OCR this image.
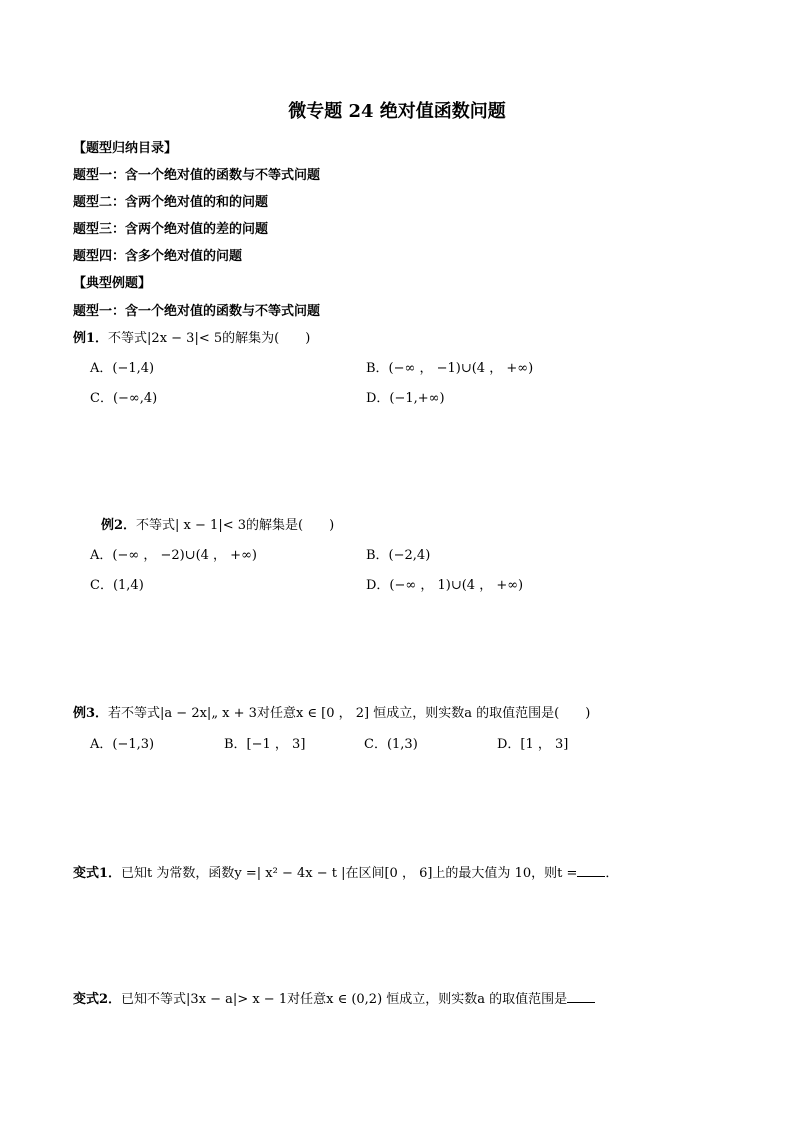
微专题 24 绝对值函数问题
【题型归纳目录】
题型一：含一个绝对值的函数与不等式问题
题型二：含两个绝对值的和的问题
题型三：含两个绝对值的差的问题
题型四：含多个绝对值的问题
【典型例题】
题型一：含一个绝对值的函数与不等式问题
例1．不等式|2x − 3|< 5的解集为(　　)
A．(−1,4)	B．(−∞ ， −1)∪(4 ， +∞)
C．(−∞,4)	D．(−1,+∞)
例2．不等式| x − 1|< 3的解集是(　　)
A．(−∞ ， −2)∪(4 ， +∞)	B．(−2,4)
C．(1,4)	D．(−∞ ， 1)∪(4 ， +∞)
例3．若不等式|a − 2x|„ x + 3对任意x ∈ [0 ， 2] 恒成立，则实数a 的取值范围是(　　)
A．(−1,3)	B．[−1 ， 3]	C．(1,3)	D．[1 ， 3]
变式1．已知t 为常数，函数y =| x² − 4x − t |在区间[0 ， 6]上的最大值为 10，则t = ．
变式2．已知不等式|3x − a|> x − 1对任意x ∈ (0,2) 恒成立，则实数a 的取值范围是
